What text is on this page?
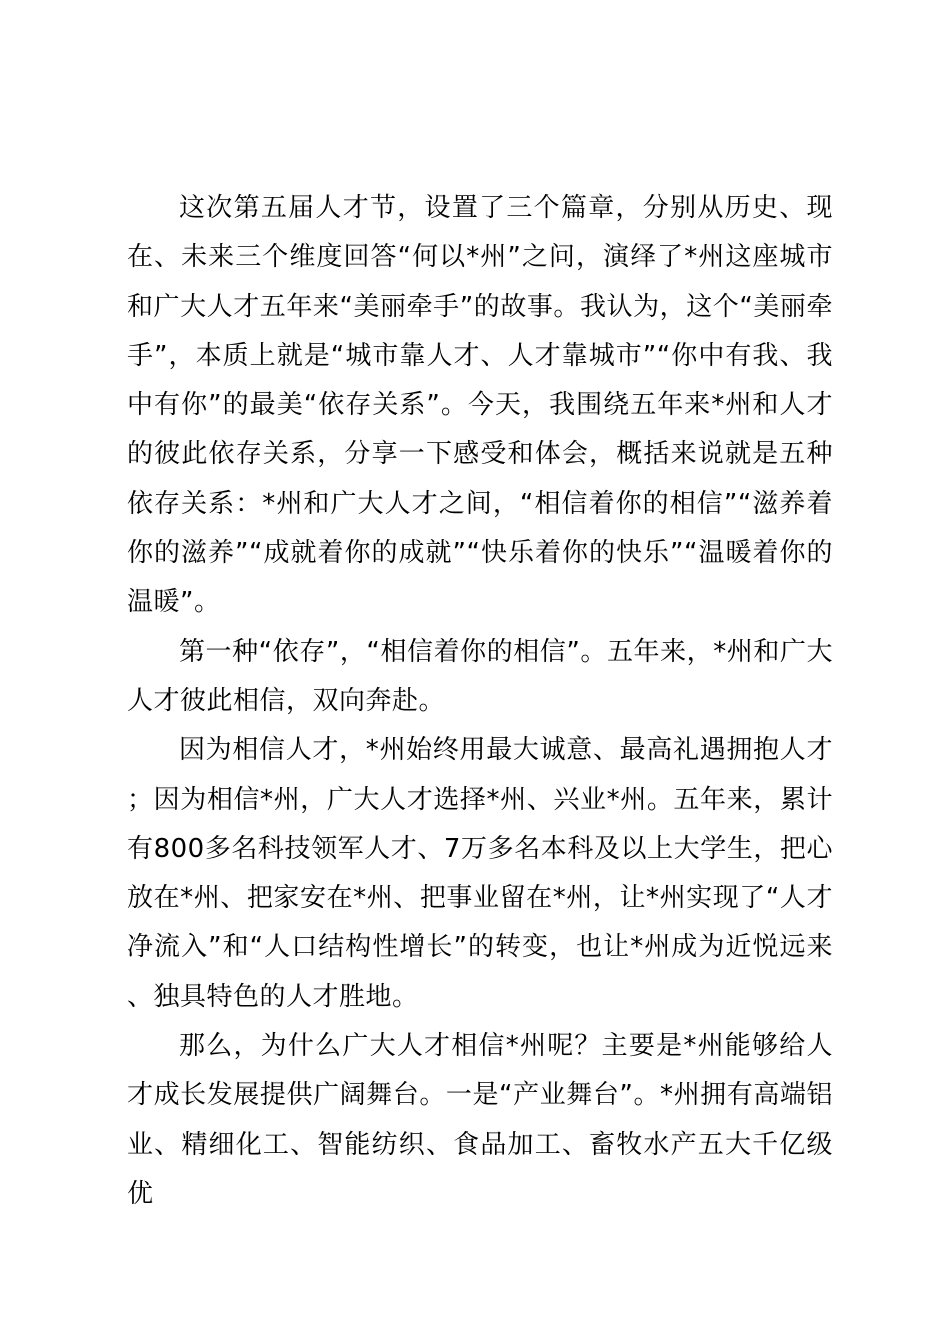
这次第五届人才节，设置了三个篇章，分别从历史、现在、未来三个维度回答“何以*州”之问，演绎了*州这座城市和广大人才五年来“美丽牵手”的故事。我认为，这个“美丽牵手”，本质上就是“城市靠人才、人才靠城市”“你中有我、我中有你”的最美“依存关系”。今天，我围绕五年来*州和人才的彼此依存关系，分享一下感受和体会，概括来说就是五种依存关系：*州和广大人才之间，“相信着你的相信”“滋养着你的滋养”“成就着你的成就”“快乐着你的快乐”“温暖着你的温暖”。

第一种“依存”，“相信着你的相信”。五年来，*州和广大人才彼此相信，双向奔赴。

因为相信人才，*州始终用最大诚意、最高礼遇拥抱人才；因为相信*州，广大人才选择*州、兴业*州。五年来，累计有800多名科技领军人才、7万多名本科及以上大学生，把心放在*州、把家安在*州、把事业留在*州，让*州实现了“人才净流入”和“人口结构性增长”的转变，也让*州成为近悦远来、独具特色的人才胜地。

那么，为什么广大人才相信*州呢？主要是*州能够给人才成长发展提供广阔舞台。一是“产业舞台”。*州拥有高端铝业、精细化工、智能纺织、食品加工、畜牧水产五大千亿级优
